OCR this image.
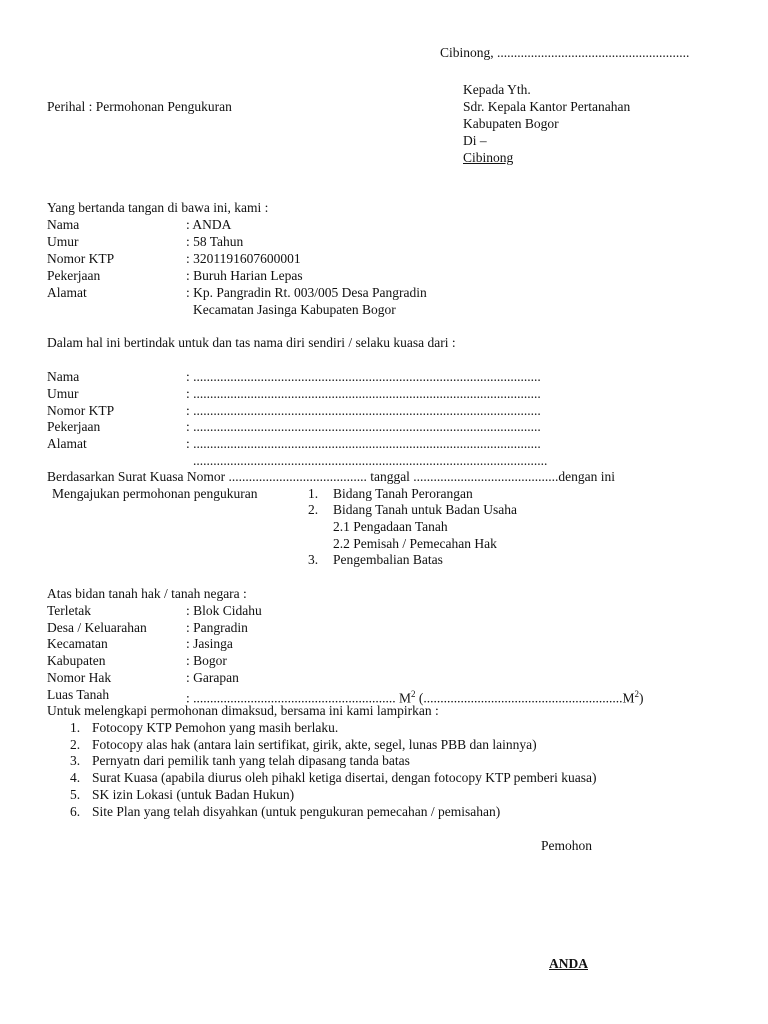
Cibinong, .........................................................
Kepada Yth.
Sdr. Kepala Kantor Pertanahan
Kabupaten Bogor
Di –
Cibinong
Perihal : Permohonan Pengukuran
Yang bertanda tangan di bawa ini, kami :
Nama	: ANDA
Umur	: 58 Tahun
Nomor KTP	: 3201191607600001
Pekerjaan	: Buruh Harian Lepas
Alamat	: Kp. Pangradin Rt. 003/005 Desa Pangradin
Kecamatan Jasinga Kabupaten Bogor
Dalam hal ini bertindak untuk dan tas nama diri sendiri / selaku kuasa dari :
Nama	: .......................................................................................................
Umur	: .......................................................................................................
Nomor KTP	: .......................................................................................................
Pekerjaan	: .......................................................................................................
Alamat	: .......................................................................................................
.........................................................................................................
Berdasarkan Surat Kuasa Nomor ......................................... tanggal ...........................................dengan ini
Mengajukan permohonan pengukuran	1. Bidang Tanah Perorangan
2. Bidang Tanah untuk Badan Usaha
2.1 Pengadaan Tanah
2.2 Pemisah / Pemecahan Hak
3. Pengembalian Batas
Atas bidan tanah hak / tanah negara :
Terletak	: Blok Cidahu
Desa / Keluarahan	: Pangradin
Kecamatan	: Jasinga
Kabupaten	: Bogor
Nomor Hak	: Garapan
Luas Tanah	: ............................................................ $M^2$ $(...........................................................M^2)$
Untuk melengkapi permohonan dimaksud, bersama ini kami lampirkan :
1. Fotocopy KTP Pemohon yang masih berlaku.
2. Fotocopy alas hak (antara lain sertifikat, girik, akte, segel, lunas PBB dan lainnya)
3. Pernyatn dari pemilik tanh yang telah dipasang tanda batas
4. Surat Kuasa (apabila diurus oleh pihakl ketiga disertai, dengan fotocopy KTP pemberi kuasa)
5. SK izin Lokasi (untuk Badan Hukun)
6. Site Plan yang telah disyahkan (untuk pengukuran pemecahan / pemisahan)
Pemohon
ANDA
